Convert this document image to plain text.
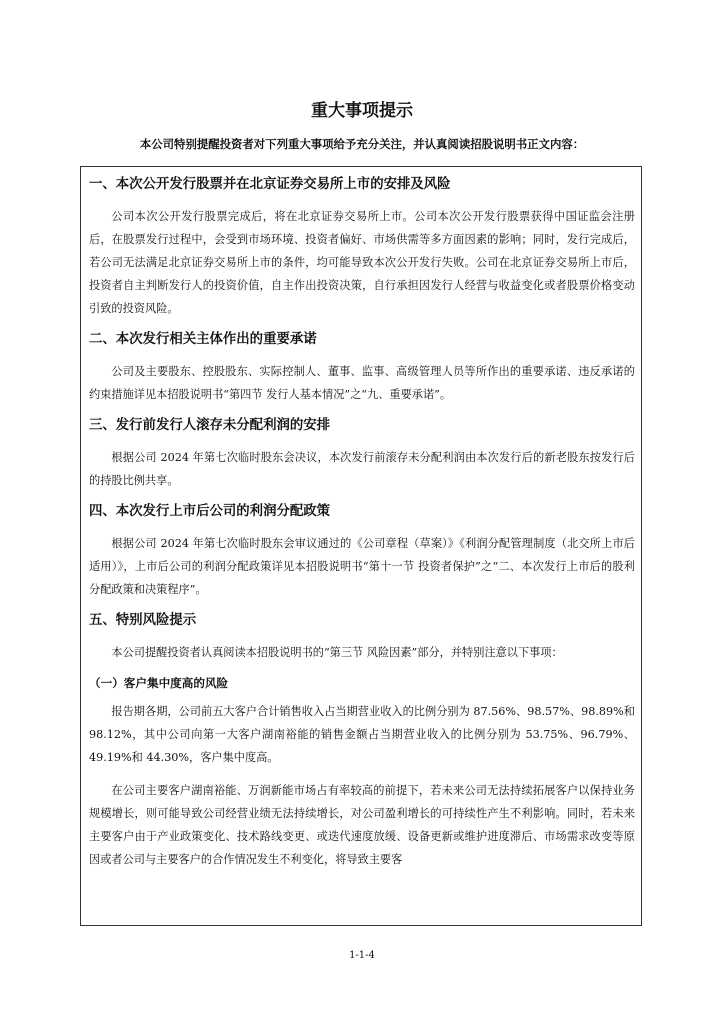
重大事项提示
本公司特别提醒投资者对下列重大事项给予充分关注，并认真阅读招股说明书正文内容：
一、本次公开发行股票并在北京证券交易所上市的安排及风险

公司本次公开发行股票完成后，将在北京证券交易所上市。公司本次公开发行股票获得中国证监会注册后，在股票发行过程中，会受到市场环境、投资者偏好、市场供需等多方面因素的影响；同时，发行完成后，若公司无法满足北京证券交易所上市的条件，均可能导致本次公开发行失败。公司在北京证券交易所上市后，投资者自主判断发行人的投资价值，自主作出投资决策，自行承担因发行人经营与收益变化或者股票价格变动引致的投资风险。

二、本次发行相关主体作出的重要承诺

公司及主要股东、控股股东、实际控制人、董事、监事、高级管理人员等所作出的重要承诺、违反承诺的约束措施详见本招股说明书“第四节 发行人基本情况”之“九、重要承诺”。

三、发行前发行人滚存未分配利润的安排

根据公司 2024 年第七次临时股东会决议，本次发行前滚存未分配利润由本次发行后的新老股东按发行后的持股比例共享。

四、本次发行上市后公司的利润分配政策

根据公司 2024 年第七次临时股东会审议通过的《公司章程（草案）》《利润分配管理制度（北交所上市后适用）》，上市后公司的利润分配政策详见本招股说明书“第十一节 投资者保护”之“二、本次发行上市后的股利分配政策和决策程序”。

五、特别风险提示

本公司提醒投资者认真阅读本招股说明书的“第三节 风险因素”部分，并特别注意以下事项：

（一）客户集中度高的风险

报告期各期，公司前五大客户合计销售收入占当期营业收入的比例分别为 87.56%、98.57%、98.89%和 98.12%，其中公司向第一大客户湖南裕能的销售金额占当期营业收入的比例分别为 53.75%、96.79%、49.19%和 44.30%，客户集中度高。

在公司主要客户湖南裕能、万润新能市场占有率较高的前提下，若未来公司无法持续拓展客户以保持业务规模增长，则可能导致公司经营业绩无法持续增长，对公司盈利增长的可持续性产生不利影响。同时，若未来主要客户由于产业政策变化、技术路线变更、或迭代速度放缓、设备更新或维护进度滞后、市场需求改变等原因或者公司与主要客户的合作情况发生不利变化，将导致主要客

1-1-4
